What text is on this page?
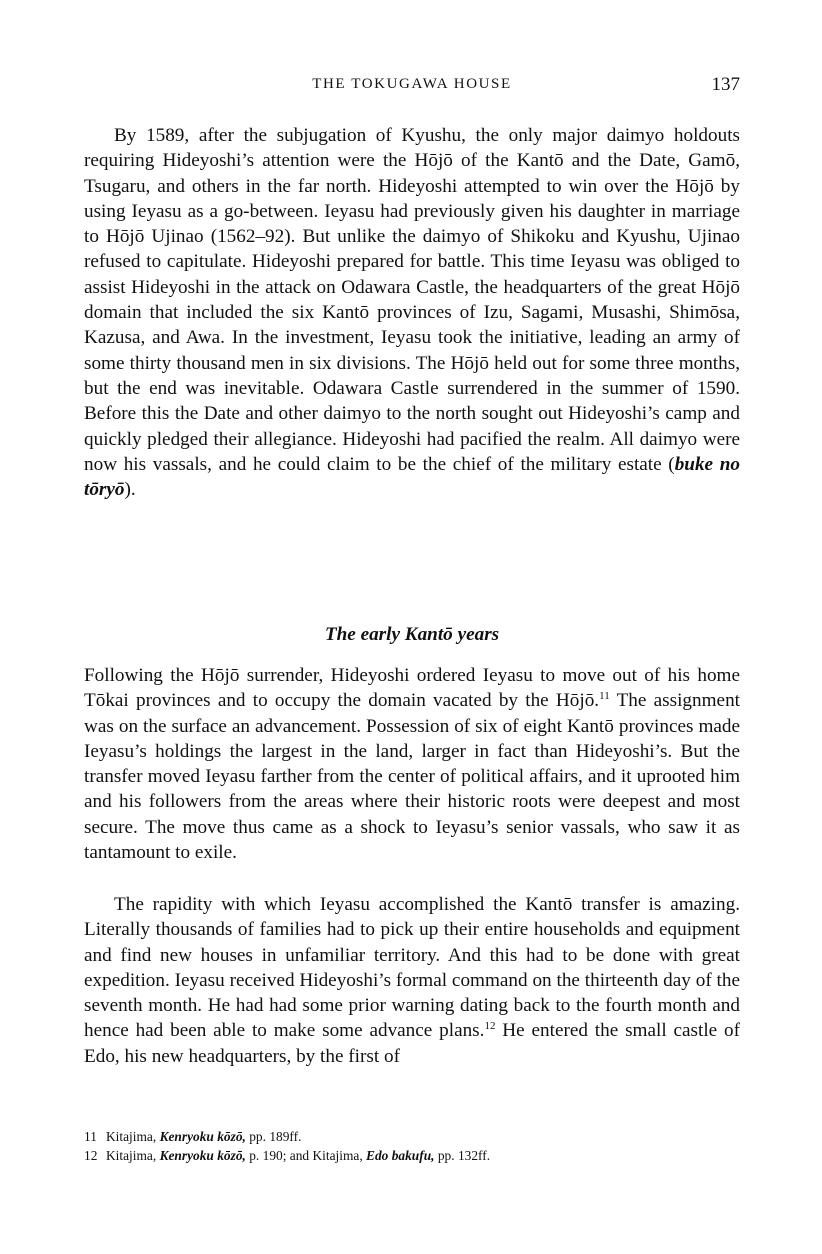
THE TOKUGAWA HOUSE	137

By 1589, after the subjugation of Kyushu, the only major daimyo holdouts requiring Hideyoshi’s attention were the Hōjō of the Kantō and the Date, Gamō, Tsugaru, and others in the far north. Hideyoshi attempted to win over the Hōjō by using Ieyasu as a go-between. Ieyasu had previously given his daughter in marriage to Hōjō Ujinao (1562–92). But unlike the daimyo of Shikoku and Kyushu, Ujinao refused to capitulate. Hideyoshi prepared for battle. This time Ieyasu was obliged to assist Hideyoshi in the attack on Odawara Castle, the headquarters of the great Hōjō domain that included the six Kantō provinces of Izu, Sagami, Musashi, Shimōsa, Kazusa, and Awa. In the investment, Ieyasu took the initiative, leading an army of some thirty thousand men in six divisions. The Hōjō held out for some three months, but the end was inevitable. Odawara Castle surrendered in the summer of 1590. Before this the Date and other daimyo to the north sought out Hideyoshi’s camp and quickly pledged their allegiance. Hideyoshi had pacified the realm. All daimyo were now his vassals, and he could claim to be the chief of the military estate (buke no tōryō).

The early Kantō years

Following the Hōjō surrender, Hideyoshi ordered Ieyasu to move out of his home Tōkai provinces and to occupy the domain vacated by the Hōjō.$^{11}$ The assignment was on the surface an advancement. Possession of six of eight Kantō provinces made Ieyasu’s holdings the largest in the land, larger in fact than Hideyoshi’s. But the transfer moved Ieyasu farther from the center of political affairs, and it uprooted him and his followers from the areas where their historic roots were deepest and most secure. The move thus came as a shock to Ieyasu’s senior vassals, who saw it as tantamount to exile.

The rapidity with which Ieyasu accomplished the Kantō transfer is amazing. Literally thousands of families had to pick up their entire households and equipment and find new houses in unfamiliar territory. And this had to be done with great expedition. Ieyasu received Hideyoshi’s formal command on the thirteenth day of the seventh month. He had had some prior warning dating back to the fourth month and hence had been able to make some advance plans.$^{12}$ He entered the small castle of Edo, his new headquarters, by the first of

11 Kitajima, Kenryoku kōzō, pp. 189ff.
12 Kitajima, Kenryoku kōzō, p. 190; and Kitajima, Edo bakufu, pp. 132ff.
